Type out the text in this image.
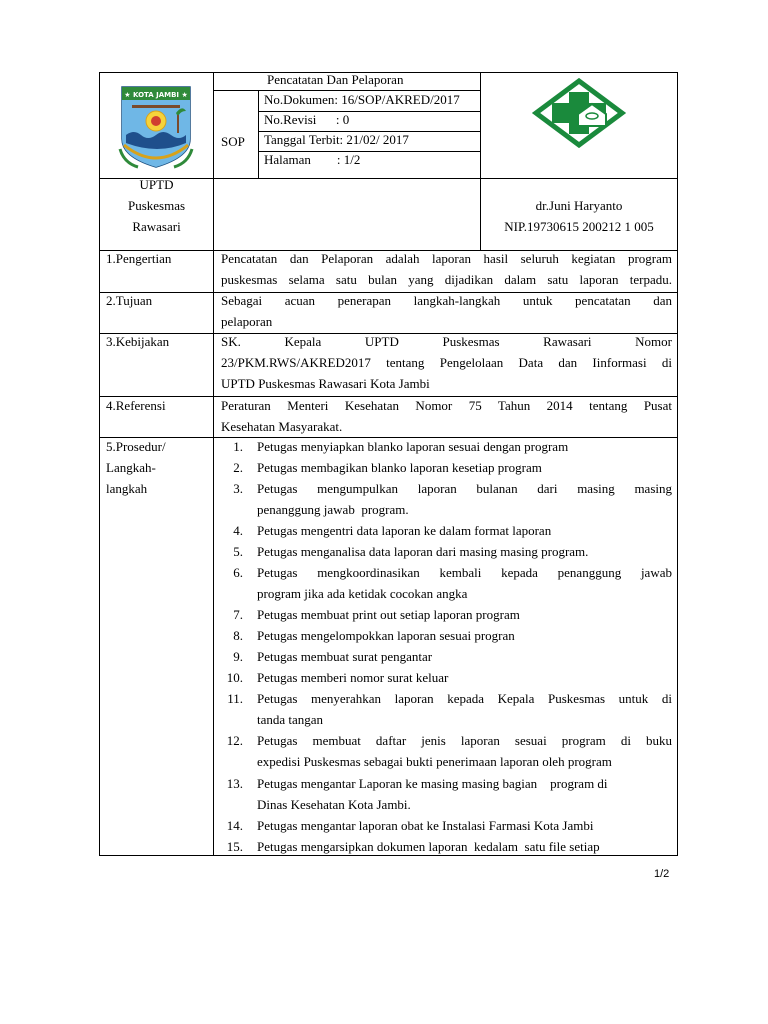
★ KOTA JAMBI ★
Pencatatan Dan Pelaporan
SOP
No.Dokumen: 16/SOP/AKRED/2017
No.Revisi      : 0
Tanggal Terbit: 21/02/ 2017
Halaman        : 1/2
UPTD
Puskesmas
Rawasari
dr.Juni Haryanto
NIP.19730615 200212 1 005
1.Pengertian
2.Tujuan
3.Kebijakan
4.Referensi
5.Prosedur/
Langkah-
langkah
Pencatatan dan Pelaporan adalah laporan hasil seluruh kegiatan program
puskesmas selama satu bulan yang dijadikan dalam satu laporan terpadu.
Sebagai acuan penerapan langkah-langkah untuk pencatatan dan
pelaporan
SK. Kepala UPTD Puskesmas Rawasari Nomor
23/PKM.RWS/AKRED2017 tentang Pengelolaan Data dan Iinformasi di
UPTD Puskesmas Rawasari Kota Jambi
Peraturan Menteri Kesehatan Nomor 75 Tahun 2014 tentang Pusat
Kesehatan Masyarakat.
1. Petugas menyiapkan blanko laporan sesuai dengan program
2. Petugas membagikan blanko laporan kesetiap program
3. Petugas mengumpulkan laporan bulanan dari masing masing
penanggung jawab  program.
4. Petugas mengentri data laporan ke dalam format laporan
5. Petugas menganalisa data laporan dari masing masing program.
6. Petugas mengkoordinasikan kembali kepada penanggung jawab
program jika ada ketidak cocokan angka
7. Petugas membuat print out setiap laporan program
8. Petugas mengelompokkan laporan sesuai progran
9. Petugas membuat surat pengantar
10. Petugas memberi nomor surat keluar
11. Petugas menyerahkan laporan kepada Kepala Puskesmas untuk di
tanda tangan
12. Petugas membuat daftar jenis laporan sesuai program di buku
expedisi Puskesmas sebagai bukti penerimaan laporan oleh program
13. Petugas mengantar Laporan ke masing masing bagian    program di
Dinas Kesehatan Kota Jambi.
14. Petugas mengantar laporan obat ke Instalasi Farmasi Kota Jambi
15. Petugas mengarsipkan dokumen laporan  kedalam  satu file setiap
1/2
